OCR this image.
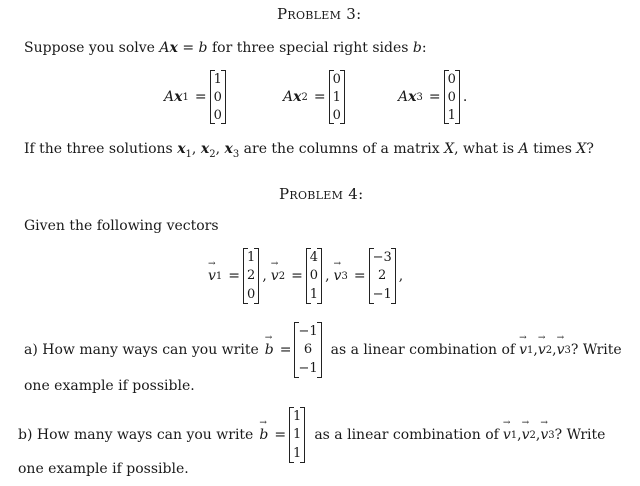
Problem 3:
Suppose you solve Ax = b for three special right sides b:
A x 1 =
1
0
0
A x 2 =
0
1
0
A x 3 =
0
0
1
.
If the three solutions $x_1$, $x_2$, $x_3$ are the columns of a matrix X, what is A times X?
Problem 4:
Given the following vectors
v → 1 =
1
2
0
, v → 2 =
4
0
1
, v → 3 =
−3
2
−1
,
a) How many ways can you write b → =
−1
6
−1
as a linear combination of v → 1 , v → 2 , v → 3 ? Write
one example if possible.
b) How many ways can you write b → =
1
1
1
as a linear combination of v → 1 , v → 2 , v → 3 ? Write
one example if possible.
